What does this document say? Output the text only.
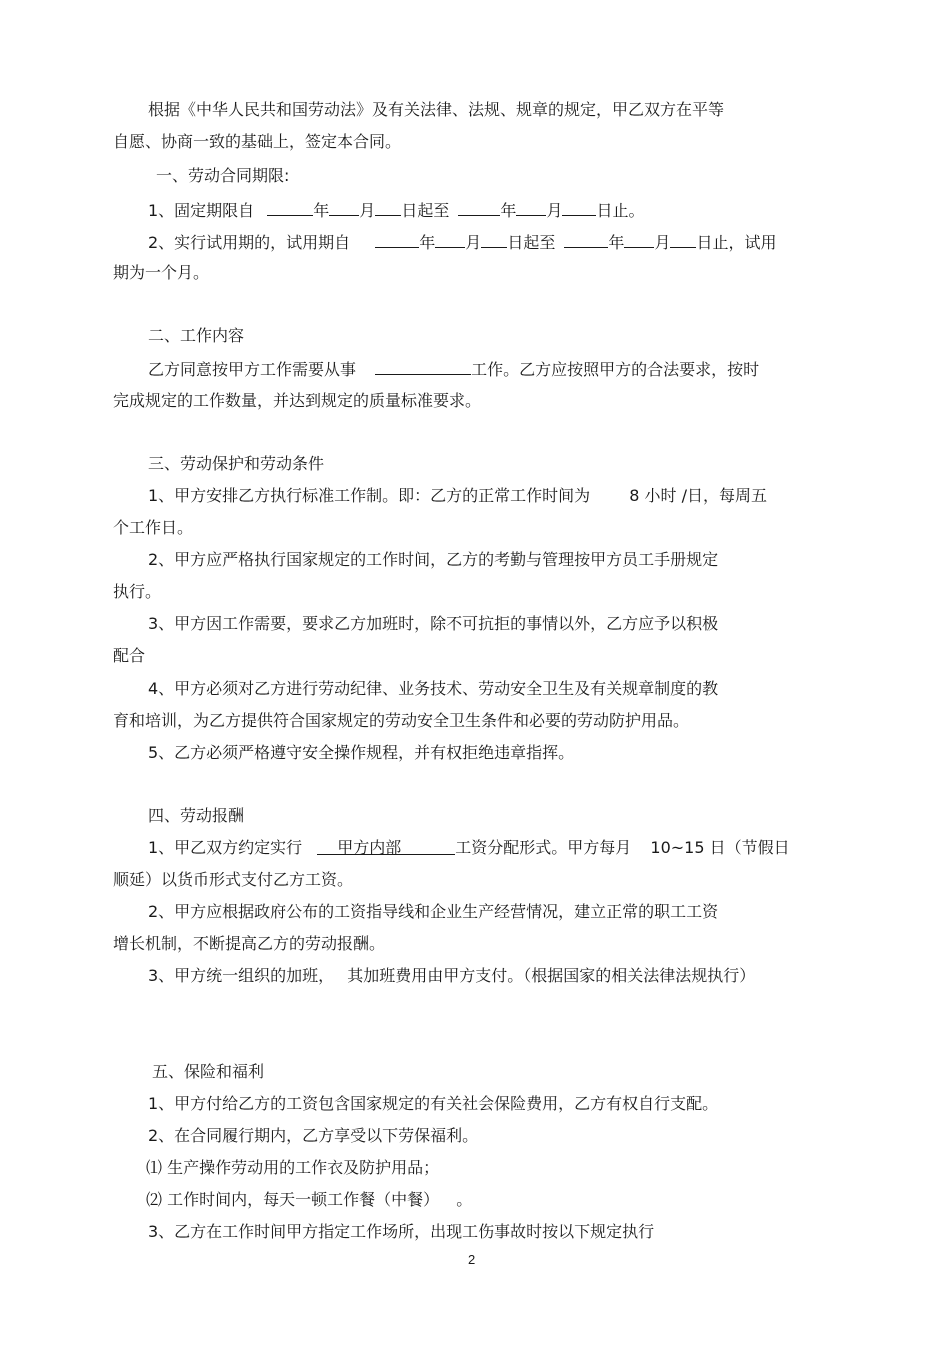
根据《中华人民共和国劳动法》及有关法律、法规、规章的规定，甲乙双方在平等
自愿、协商一致的基础上，签定本合同。
一、劳动合同期限:
1、固定期限自	年 月 日起至	年 月 日止。
2、实行试用期的，试用期自	年 月 日起至	年 月 日止，试用
期为一个月。
二、工作内容
乙方同意按甲方工作需要从事	工作。乙方应按照甲方的合法要求，按时
完成规定的工作数量，并达到规定的质量标准要求。
三、劳动保护和劳动条件
1、甲方安排乙方执行标准工作制。即：乙方的正常工作时间为 8 小时 /日，每周五
个工作日。
2、甲方应严格执行国家规定的工作时间，乙方的考勤与管理按甲方员工手册规定
执行。
3、甲方因工作需要，要求乙方加班时，除不可抗拒的事情以外，乙方应予以积极
配合
4、甲方必须对乙方进行劳动纪律、业务技术、劳动安全卫生及有关规章制度的教
育和培训，为乙方提供符合国家规定的劳动安全卫生条件和必要的劳动防护用品。
5、乙方必须严格遵守安全操作规程，并有权拒绝违章指挥。
四、劳动报酬
1、甲乙双方约定实行 甲方内部	工资分配形式。甲方每月 10~15 日（节假日
顺延）以货币形式支付乙方工资。
2、甲方应根据政府公布的工资指导线和企业生产经营情况，建立正常的职工工资
增长机制，不断提高乙方的劳动报酬。
3、甲方统一组织的加班， 其加班费用由甲方支付。（根据国家的相关法律法规执行）
五、保险和福利
1、甲方付给乙方的工资包含国家规定的有关社会保险费用，乙方有权自行支配。
2、在合同履行期内，乙方享受以下劳保福利。
⑴ 生产操作劳动用的工作衣及防护用品；
⑵ 工作时间内，每天一顿工作餐（中餐） 。
3、乙方在工作时间甲方指定工作场所，出现工伤事故时按以下规定执行
2
